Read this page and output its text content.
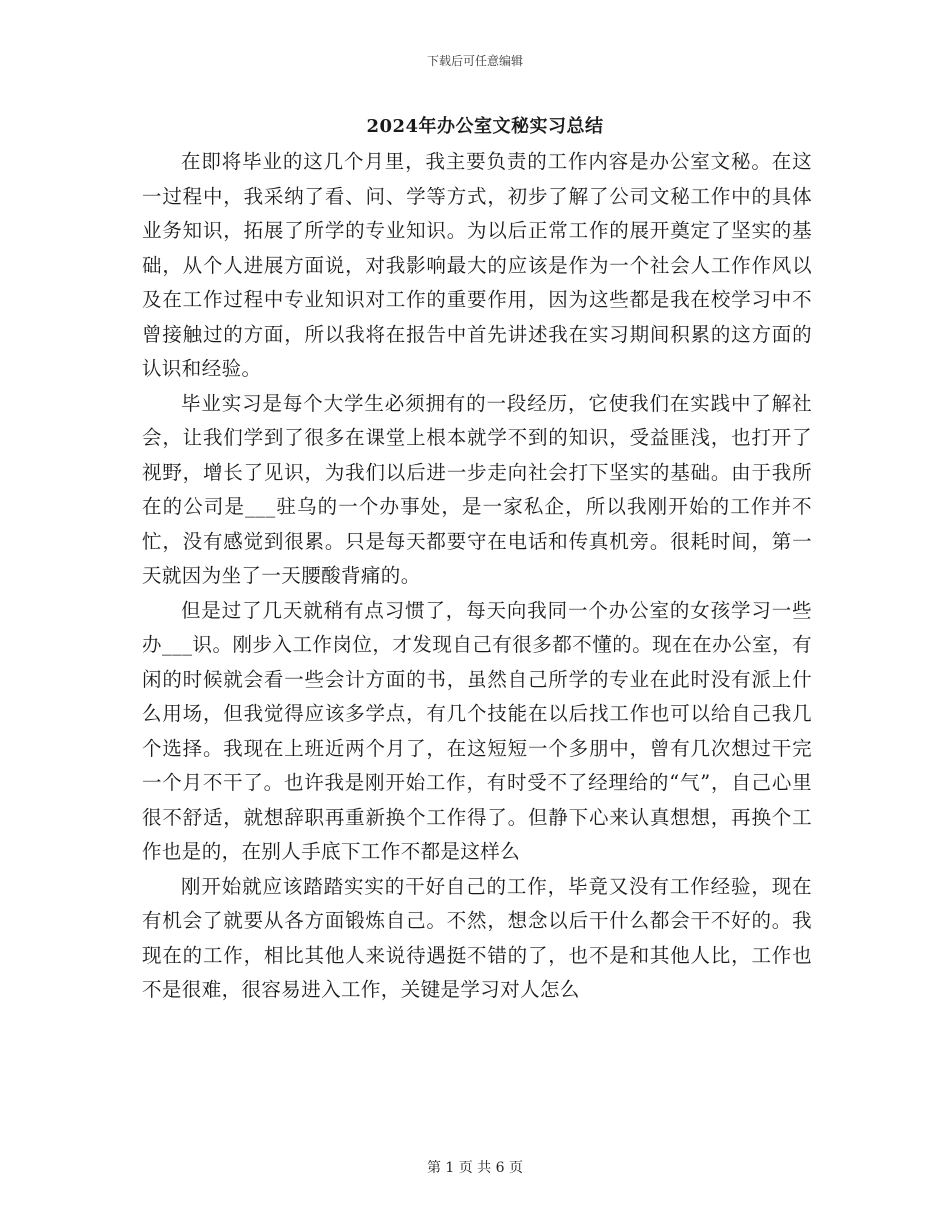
下载后可任意编辑
2024年办公室文秘实习总结

在即将毕业的这几个月里，我主要负责的工作内容是办公室文秘。在这一过程中，我采纳了看、问、学等方式，初步了解了公司文秘工作中的具体业务知识，拓展了所学的专业知识。为以后正常工作的展开奠定了坚实的基础，从个人进展方面说，对我影响最大的应该是作为一个社会人工作作风以及在工作过程中专业知识对工作的重要作用，因为这些都是我在校学习中不曾接触过的方面，所以我将在报告中首先讲述我在实习期间积累的这方面的认识和经验。

毕业实习是每个大学生必须拥有的一段经历，它使我们在实践中了解社会，让我们学到了很多在课堂上根本就学不到的知识，受益匪浅，也打开了视野，增长了见识，为我们以后进一步走向社会打下坚实的基础。由于我所在的公司是___驻乌的一个办事处，是一家私企，所以我刚开始的工作并不忙，没有感觉到很累。只是每天都要守在电话和传真机旁。很耗时间，第一天就因为坐了一天腰酸背痛的。

但是过了几天就稍有点习惯了，每天向我同一个办公室的女孩学习一些办___识。刚步入工作岗位，才发现自己有很多都不懂的。现在在办公室，有闲的时候就会看一些会计方面的书，虽然自己所学的专业在此时没有派上什么用场，但我觉得应该多学点，有几个技能在以后找工作也可以给自己我几个选择。我现在上班近两个月了，在这短短一个多朋中，曾有几次想过干完一个月不干了。也许我是刚开始工作，有时受不了经理给的“气”，自己心里很不舒适，就想辞职再重新换个工作得了。但静下心来认真想想，再换个工作也是的，在别人手底下工作不都是这样么

刚开始就应该踏踏实实的干好自己的工作，毕竟又没有工作经验，现在有机会了就要从各方面锻炼自己。不然，想念以后干什么都会干不好的。我现在的工作，相比其他人来说待遇挺不错的了，也不是和其他人比，工作也不是很难，很容易进入工作，关键是学习对人怎么

第 1 页 共 6 页
